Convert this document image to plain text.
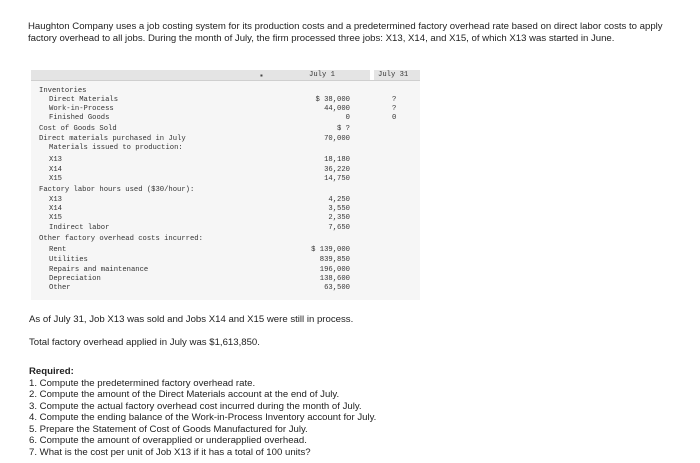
Haughton Company uses a job costing system for its production costs and a predetermined factory overhead rate based on direct labor costs to apply factory overhead to all jobs. During the month of July, the firm processed three jobs: X13, X14, and X15, of which X13 was started in June.
▪	July 1	July 31
Inventories
Direct Materials	$ 38,000	?
Work-in-Process	44,000	?
Finished Goods	0	0
Cost of Goods Sold	$ ?
Direct materials purchased in July	70,000
Materials issued to production:
X13	18,180
X14	36,220
X15	14,750
Factory labor hours used ($30/hour):
X13	4,250
X14	3,550
X15	2,350
Indirect labor	7,650
Other factory overhead costs incurred:
Rent	$ 139,000
Utilities	839,850
Repairs and maintenance	196,000
Depreciation	138,600
Other	63,500
As of July 31, Job X13 was sold and Jobs X14 and X15 were still in process.
Total factory overhead applied in July was $1,613,850.
Required:
1. Compute the predetermined factory overhead rate.
2. Compute the amount of the Direct Materials account at the end of July.
3. Compute the actual factory overhead cost incurred during the month of July.
4. Compute the ending balance of the Work-in-Process Inventory account for July.
5. Prepare the Statement of Cost of Goods Manufactured for July.
6. Compute the amount of overapplied or underapplied overhead.
7. What is the cost per unit of Job X13 if it has a total of 100 units?
